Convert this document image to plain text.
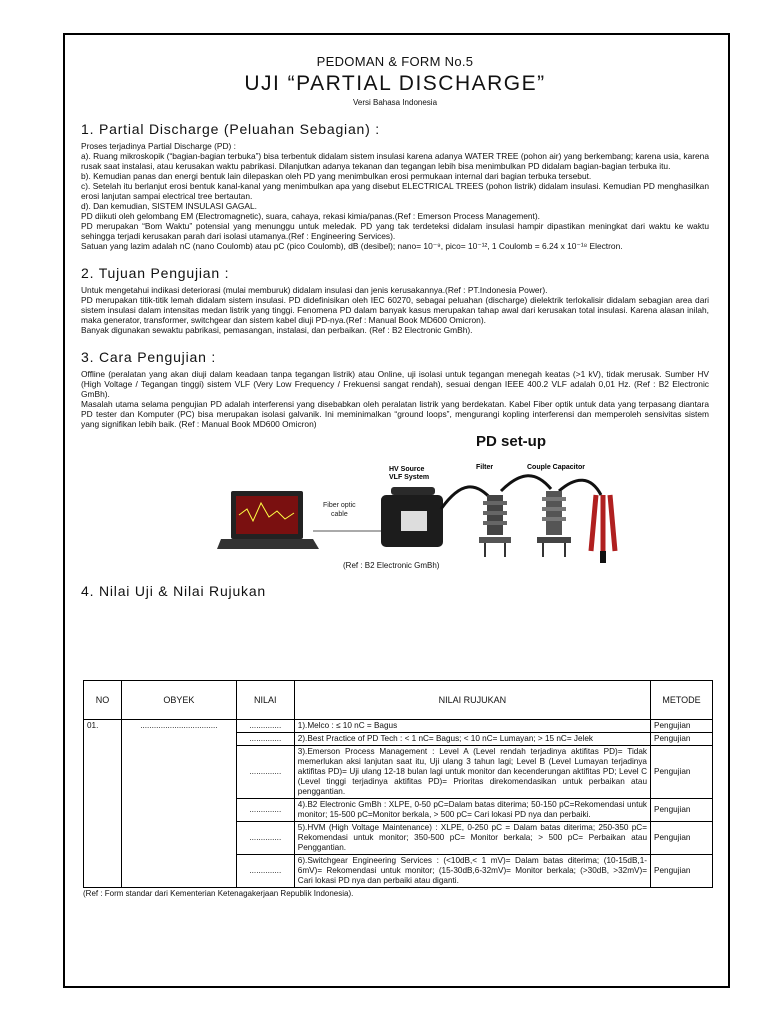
PEDOMAN & FORM No.5
UJI “PARTIAL DISCHARGE”
Versi Bahasa Indonesia
1. Partial Discharge (Peluahan Sebagian) :

Proses terjadinya Partial Discharge (PD) :

a). Ruang mikroskopik (“bagian-bagian terbuka”) bisa terbentuk didalam sistem insulasi karena adanya WATER TREE (pohon air) yang berkembang; karena usia, karena rusak saat instalasi, atau kerusakan waktu pabrikasi. Dilanjutkan adanya tekanan dan tegangan lebih bisa menimbulkan PD didalam bagian-bagian terbuka itu.

b). Kemudian panas dan energi bentuk lain dilepaskan oleh PD yang menimbulkan erosi permukaan internal dari bagian terbuka tersebut.

c). Setelah itu berlanjut erosi bentuk kanal-kanal yang menimbulkan apa yang disebut ELECTRICAL TREES (pohon listrik) didalam insulasi. Kemudian PD menghasilkan erosi lanjutan sampai electrical tree bertautan.

d). Dan kemudian, SISTEM INSULASI GAGAL.

PD diikuti oleh gelombang EM (Electromagnetic), suara, cahaya, rekasi kimia/panas.(Ref : Emerson Process Management).

PD merupakan “Bom Waktu” potensial yang menunggu untuk meledak. PD yang tak terdeteksi didalam insulasi hampir dipastikan meningkat dari waktu ke waktu sehingga terjadi kerusakan parah dari isolasi utamanya.(Ref : Engineering Services).

Satuan yang lazim adalah nC (nano Coulomb) atau pC (pico Coulomb), dB (desibel); nano= 10⁻⁹, pico= 10⁻¹², 1 Coulomb = 6.24 x 10⁻¹⁸ Electron.

2. Tujuan Pengujian :

Untuk mengetahui indikasi deteriorasi (mulai memburuk) didalam insulasi dan jenis kerusakannya.(Ref : PT.Indonesia Power).

PD merupakan titik-titik lemah didalam sistem insulasi. PD didefinisikan oleh IEC 60270, sebagai peluahan (discharge) dielektrik terlokalisir didalam sebagian area dari sistem insulasi dalam intensitas medan listrik yang tinggi. Fenomena PD dalam banyak kasus merupakan tahap awal dari kerusakan total insulasi. Karena alasan inilah, maka generator, transformer, switchgear dan sistem kabel diuji PD-nya.(Ref : Manual Book MD600 Omicron).

Banyak digunakan sewaktu pabrikasi, pemasangan, instalasi, dan perbaikan. (Ref : B2 Electronic GmBh).

3. Cara Pengujian :

Offline (peralatan yang akan diuji dalam keadaan tanpa tegangan listrik) atau Online, uji isolasi untuk tegangan menegah keatas (>1 kV), tidak merusak. Sumber HV (High Voltage / Tegangan tinggi) sistem VLF (Very Low Frequency / Frekuensi sangat rendah), sesuai dengan IEEE 400.2 VLF adalah 0,01 Hz. (Ref : B2 Electronic GmBh).

Masalah utama selama pengujian PD adalah interferensi yang disebabkan oleh peralatan listrik yang berdekatan. Kabel Fiber optik untuk data yang terpasang diantara PD tester dan Komputer (PC) bisa merupakan isolasi galvanik. Ini meminimalkan “ground loops”, mengurangi kopling interferensi dan memperoleh sensivitas sistem yang signifikan lebih baik. (Ref : Manual Book MD600 Omicron)

PD set-up
Fiber optic cable
HV Source
VLF System
Filter	Couple Capacitor
(Ref : B2 Electronic GmBh)
4. Nilai Uji & Nilai Rujukan
NO	OBYEK	NILAI	NILAI RUJUKAN	METODE
01.	..................................	..............	1).Melco : ≤ 10 nC = Bagus	Pengujian
		..............	2).Best Practice of PD Tech : < 1 nC= Bagus; < 10 nC= Lumayan; > 15 nC= Jelek	Pengujian
		..............	3).Emerson Process Management : Level A (Level rendah terjadinya aktifitas PD)= Tidak memerlukan aksi lanjutan saat itu, Uji ulang 3 tahun lagi; Level B (Level Lumayan terjadinya aktifitas PD)= Uji ulang 12-18 bulan lagi untuk monitor dan kecenderungan aktifitas PD; Level C (Level tinggi terjadinya aktifitas PD)= Prioritas direkomendasikan untuk perbaikan atau penggantian.	Pengujian
		..............	4).B2 Electronic GmBh : XLPE, 0-50 pC=Dalam batas diterima; 50-150 pC=Rekomendasi untuk monitor; 15-500 pC=Monitor berkala, > 500 pC= Cari lokasi PD nya dan perbaiki.	Pengujian
		..............	5).HVM (High Voltage Maintenance) : XLPE, 0-250 pC = Dalam batas diterima; 250-350 pC= Rekomendasi untuk monitor; 350-500 pC= Monitor berkala; > 500 pC= Perbaikan atau Penggantian.	Pengujian
		..............	6).Switchgear Engineering Services : (<10dB,< 1 mV)= Dalam batas diterima; (10-15dB,1-6mV)= Rekomendasi untuk monitor; (15-30dB,6-32mV)= Monitor berkala; (>30dB, >32mV)= Cari lokasi PD nya dan perbaiki atau diganti.	Pengujian
(Ref : Form standar dari Kementerian Ketenagakerjaan Republik Indonesia).
